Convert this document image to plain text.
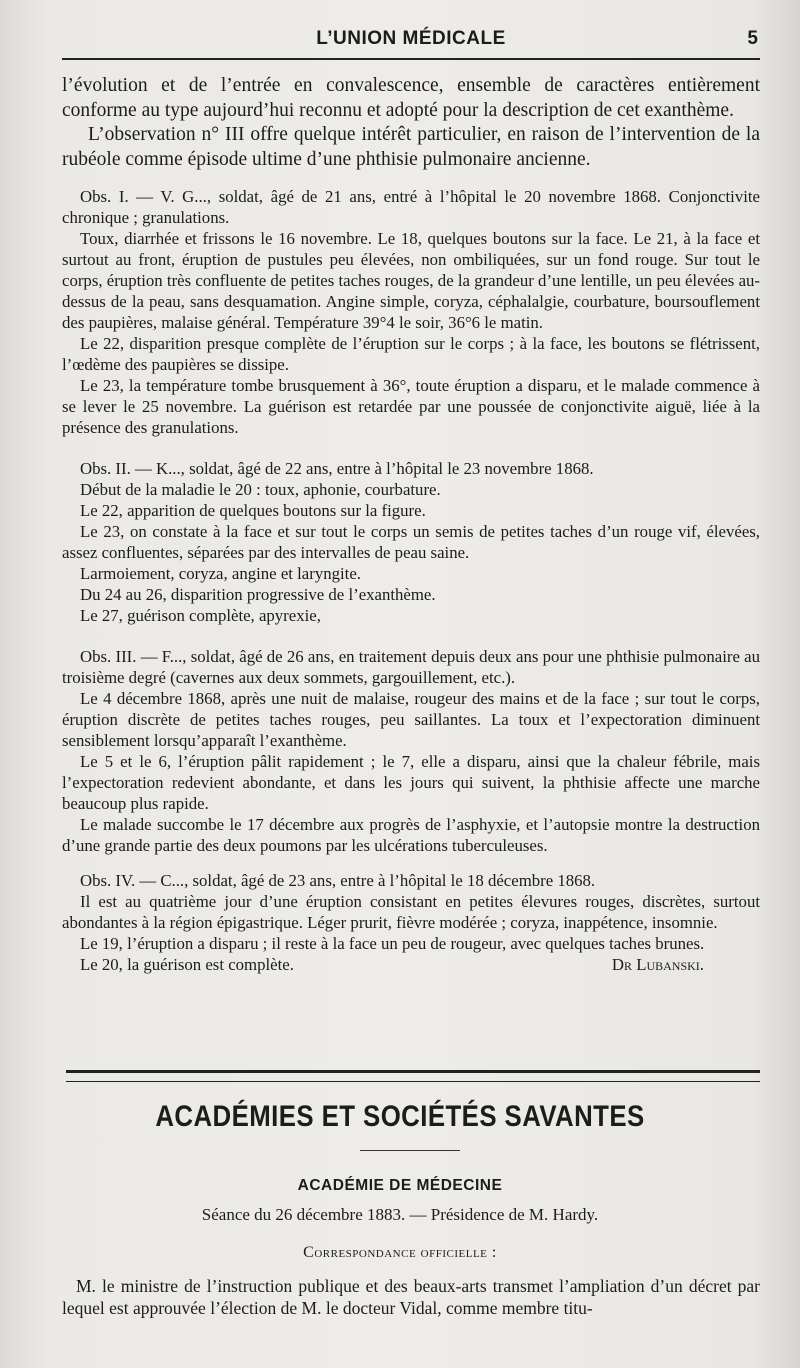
L’UNION MÉDICALE	5

l’évolution et de l’entrée en convalescence, ensemble de caractères entièrement conforme au type aujourd’hui reconnu et adopté pour la description de cet exanthème.

L’observation n° III offre quelque intérêt particulier, en raison de l’intervention de la rubéole comme épisode ultime d’une phthisie pulmonaire ancienne.

Obs. I. — V. G..., soldat, âgé de 21 ans, entré à l’hôpital le 20 novembre 1868. Conjonctivite chronique ; granulations.

Toux, diarrhée et frissons le 16 novembre. Le 18, quelques boutons sur la face. Le 21, à la face et surtout au front, éruption de pustules peu élevées, non ombiliquées, sur un fond rouge. Sur tout le corps, éruption très confluente de petites taches rouges, de la grandeur d’une lentille, un peu élevées au-dessus de la peau, sans desquamation. Angine simple, coryza, céphalalgie, courbature, boursouflement des paupières, malaise général. Température 39°4 le soir, 36°6 le matin.

Le 22, disparition presque complète de l’éruption sur le corps ; à la face, les boutons se flétrissent, l’œdème des paupières se dissipe.

Le 23, la température tombe brusquement à 36°, toute éruption a disparu, et le malade commence à se lever le 25 novembre. La guérison est retardée par une poussée de conjonctivite aiguë, liée à la présence des granulations.

Obs. II. — K..., soldat, âgé de 22 ans, entre à l’hôpital le 23 novembre 1868.

Début de la maladie le 20 : toux, aphonie, courbature.

Le 22, apparition de quelques boutons sur la figure.

Le 23, on constate à la face et sur tout le corps un semis de petites taches d’un rouge vif, élevées, assez confluentes, séparées par des intervalles de peau saine.

Larmoiement, coryza, angine et laryngite.

Du 24 au 26, disparition progressive de l’exanthème.

Le 27, guérison complète, apyrexie,

Obs. III. — F..., soldat, âgé de 26 ans, en traitement depuis deux ans pour une phthisie pulmonaire au troisième degré (cavernes aux deux sommets, gargouillement, etc.).

Le 4 décembre 1868, après une nuit de malaise, rougeur des mains et de la face ; sur tout le corps, éruption discrète de petites taches rouges, peu saillantes. La toux et l’expectoration diminuent sensiblement lorsqu’apparaît l’exanthème.

Le 5 et le 6, l’éruption pâlit rapidement ; le 7, elle a disparu, ainsi que la chaleur fébrile, mais l’expectoration redevient abondante, et dans les jours qui suivent, la phthisie affecte une marche beaucoup plus rapide.

Le malade succombe le 17 décembre aux progrès de l’asphyxie, et l’autopsie montre la destruction d’une grande partie des deux poumons par les ulcérations tuberculeuses.

Obs. IV. — C..., soldat, âgé de 23 ans, entre à l’hôpital le 18 décembre 1868.

Il est au quatrième jour d’une éruption consistant en petites élevures rouges, discrètes, surtout abondantes à la région épigastrique. Léger prurit, fièvre modérée ; coryza, inappétence, insomnie.

Le 19, l’éruption a disparu ; il reste à la face un peu de rougeur, avec quelques taches brunes.

Le 20, la guérison est complète.	Dr Lubanski.
ACADÉMIES ET SOCIÉTÉS SAVANTES
ACADÉMIE DE MÉDECINE
Séance du 26 décembre 1883. — Présidence de M. Hardy.
Correspondance officielle :
M. le ministre de l’instruction publique et des beaux-arts transmet l’ampliation d’un décret par lequel est approuvée l’élection de M. le docteur Vidal, comme membre titu-
